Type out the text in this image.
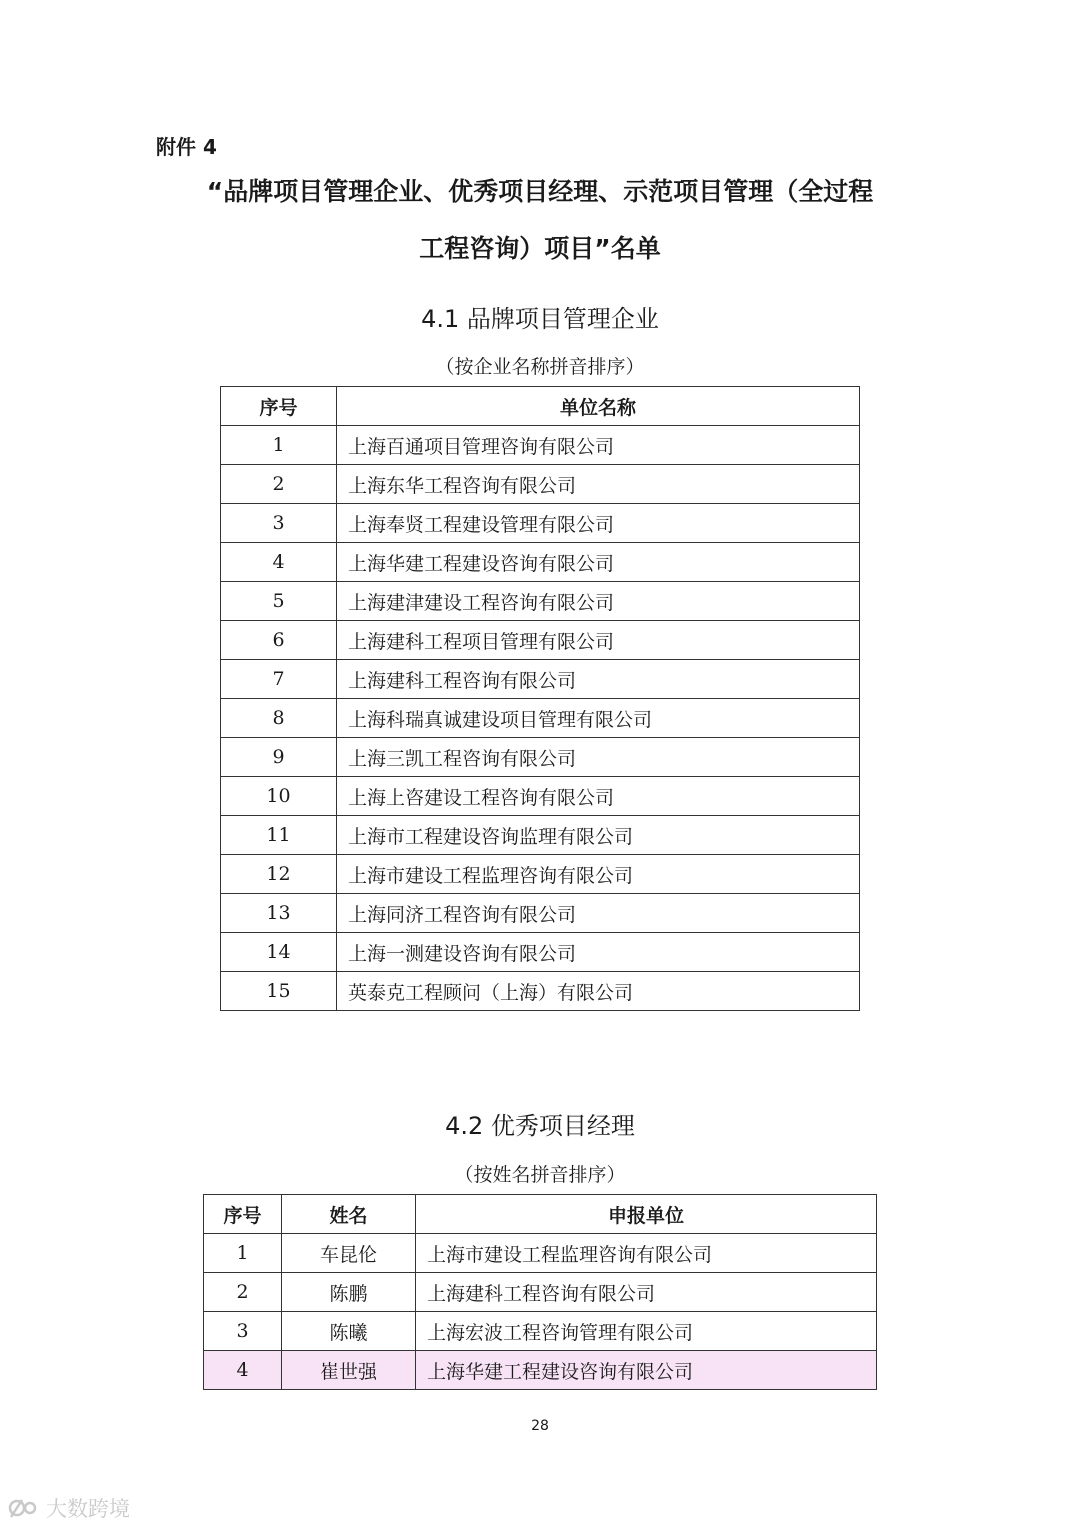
附件 4
“品牌项目管理企业、优秀项目经理、示范项目管理（全过程
工程咨询）项目”名单
4.1 品牌项目管理企业
（按企业名称拼音排序）
序号	单位名称
1	上海百通项目管理咨询有限公司
2	上海东华工程咨询有限公司
3	上海奉贤工程建设管理有限公司
4	上海华建工程建设咨询有限公司
5	上海建津建设工程咨询有限公司
6	上海建科工程项目管理有限公司
7	上海建科工程咨询有限公司
8	上海科瑞真诚建设项目管理有限公司
9	上海三凯工程咨询有限公司
10	上海上咨建设工程咨询有限公司
11	上海市工程建设咨询监理有限公司
12	上海市建设工程监理咨询有限公司
13	上海同济工程咨询有限公司
14	上海一测建设咨询有限公司
15	英泰克工程顾问（上海）有限公司
4.2 优秀项目经理
（按姓名拼音排序）
序号	姓名	申报单位
1	车昆伦	上海市建设工程监理咨询有限公司
2	陈鹏	上海建科工程咨询有限公司
3	陈曦	上海宏波工程咨询管理有限公司
4	崔世强	上海华建工程建设咨询有限公司
28
大数跨境
